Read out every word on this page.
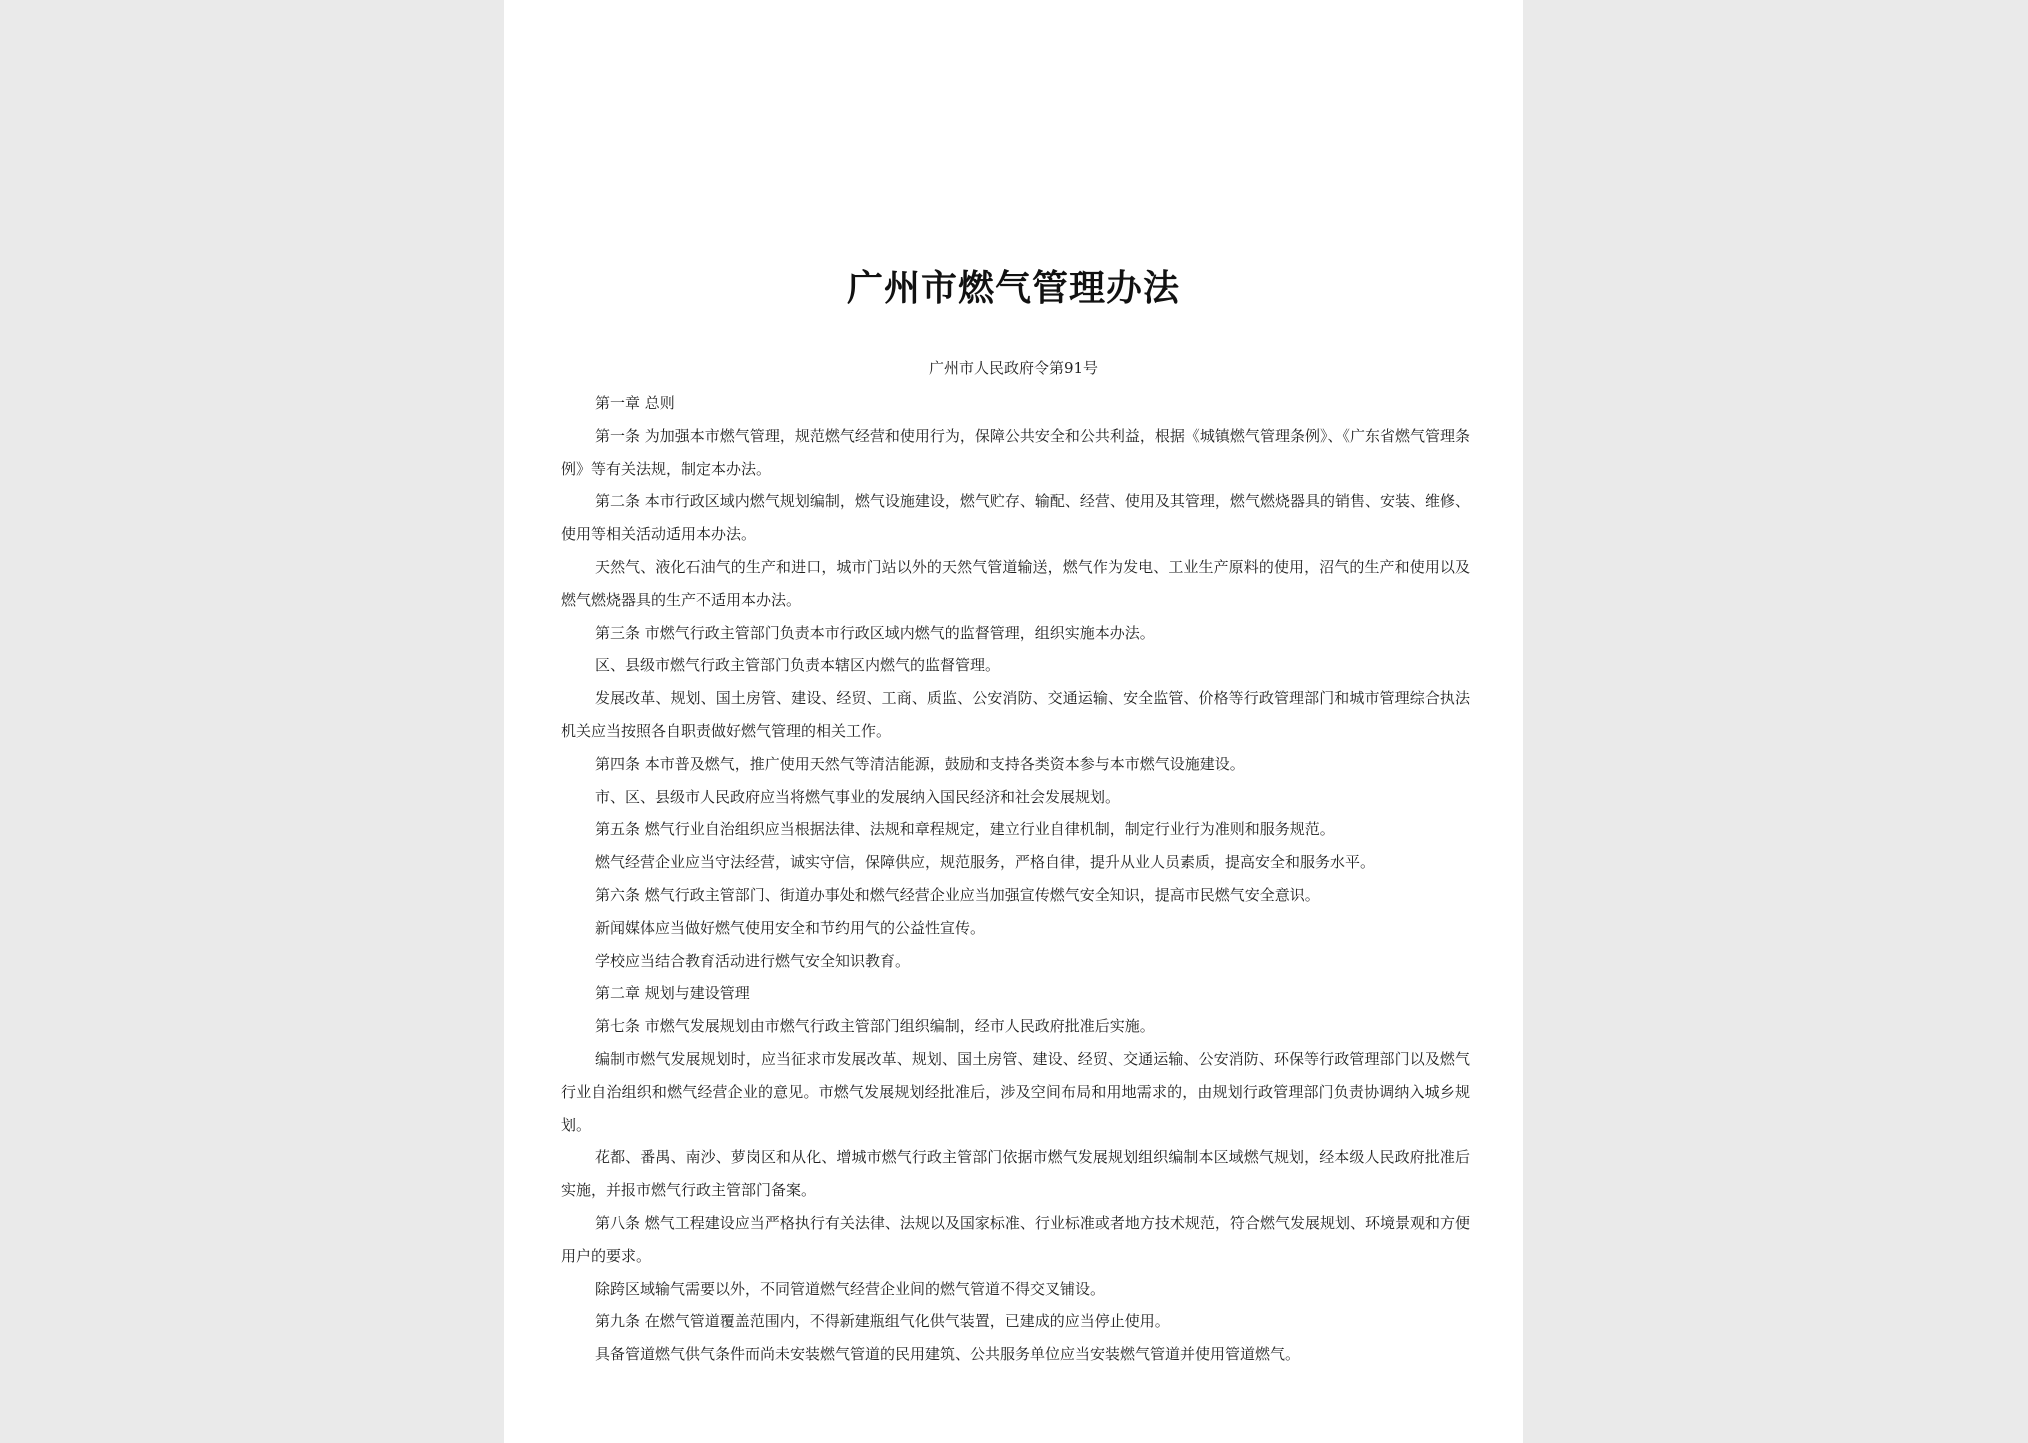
广州市燃气管理办法
广州市人民政府令第91号

第一章 总则

第一条 为加强本市燃气管理，规范燃气经营和使用行为，保障公共安全和公共利益，根据《城镇燃气管理条例》、《广东省燃气管理条例》等有关法规，制定本办法。

第二条 本市行政区域内燃气规划编制，燃气设施建设，燃气贮存、输配、经营、使用及其管理，燃气燃烧器具的销售、安装、维修、使用等相关活动适用本办法。

天然气、液化石油气的生产和进口，城市门站以外的天然气管道输送，燃气作为发电、工业生产原料的使用，沼气的生产和使用以及燃气燃烧器具的生产不适用本办法。

第三条 市燃气行政主管部门负责本市行政区域内燃气的监督管理，组织实施本办法。

区、县级市燃气行政主管部门负责本辖区内燃气的监督管理。

发展改革、规划、国土房管、建设、经贸、工商、质监、公安消防、交通运输、安全监管、价格等行政管理部门和城市管理综合执法机关应当按照各自职责做好燃气管理的相关工作。

第四条 本市普及燃气，推广使用天然气等清洁能源，鼓励和支持各类资本参与本市燃气设施建设。

市、区、县级市人民政府应当将燃气事业的发展纳入国民经济和社会发展规划。

第五条 燃气行业自治组织应当根据法律、法规和章程规定，建立行业自律机制，制定行业行为准则和服务规范。

燃气经营企业应当守法经营，诚实守信，保障供应，规范服务，严格自律，提升从业人员素质，提高安全和服务水平。

第六条 燃气行政主管部门、街道办事处和燃气经营企业应当加强宣传燃气安全知识，提高市民燃气安全意识。

新闻媒体应当做好燃气使用安全和节约用气的公益性宣传。

学校应当结合教育活动进行燃气安全知识教育。

第二章 规划与建设管理

第七条 市燃气发展规划由市燃气行政主管部门组织编制，经市人民政府批准后实施。

编制市燃气发展规划时，应当征求市发展改革、规划、国土房管、建设、经贸、交通运输、公安消防、环保等行政管理部门以及燃气行业自治组织和燃气经营企业的意见。市燃气发展规划经批准后，涉及空间布局和用地需求的，由规划行政管理部门负责协调纳入城乡规划。

花都、番禺、南沙、萝岗区和从化、增城市燃气行政主管部门依据市燃气发展规划组织编制本区域燃气规划，经本级人民政府批准后实施，并报市燃气行政主管部门备案。

第八条 燃气工程建设应当严格执行有关法律、法规以及国家标准、行业标准或者地方技术规范，符合燃气发展规划、环境景观和方便用户的要求。

除跨区域输气需要以外，不同管道燃气经营企业间的燃气管道不得交叉铺设。

第九条 在燃气管道覆盖范围内，不得新建瓶组气化供气装置，已建成的应当停止使用。

具备管道燃气供气条件而尚未安装燃气管道的民用建筑、公共服务单位应当安装燃气管道并使用管道燃气。
